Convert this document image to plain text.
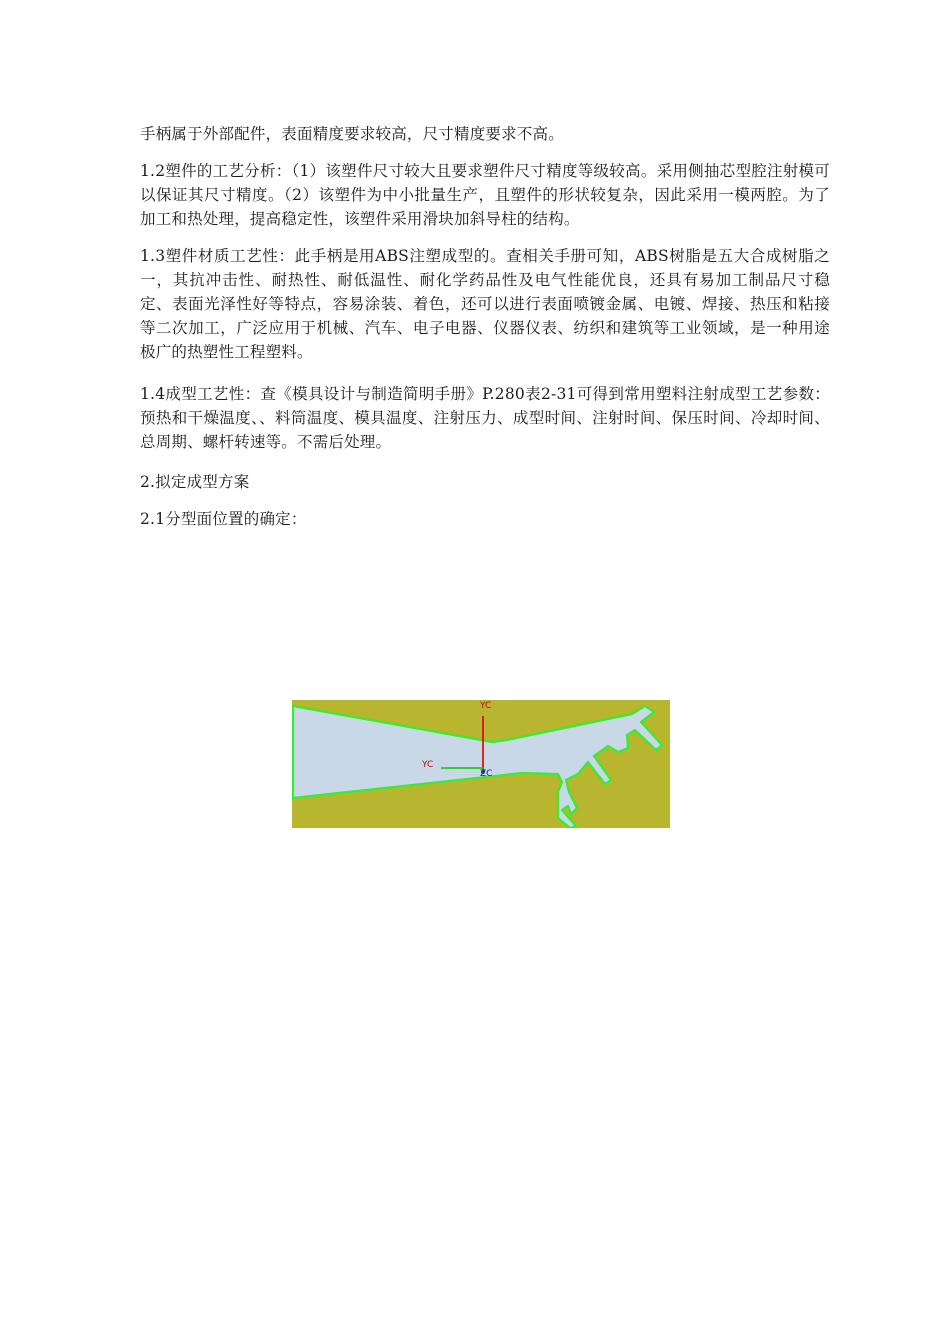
手柄属于外部配件，表面精度要求较高，尺寸精度要求不高。

1.2塑件的工艺分析：（1）该塑件尺寸较大且要求塑件尺寸精度等级较高。采用侧抽芯型腔注射模可以保证其尺寸精度。（2）该塑件为中小批量生产，且塑件的形状较复杂，因此采用一模两腔。为了加工和热处理，提高稳定性，该塑件采用滑块加斜导柱的结构。

1.3塑件材质工艺性：此手柄是用ABS注塑成型的。查相关手册可知，ABS树脂是五大合成树脂之一，其抗冲击性、耐热性、耐低温性、耐化学药品性及电气性能优良，还具有易加工制品尺寸稳定、表面光泽性好等特点，容易涂装、着色，还可以进行表面喷镀金属、电镀、焊接、热压和粘接等二次加工，广泛应用于机械、汽车、电子电器、仪器仪表、纺织和建筑等工业领域，是一种用途极广的热塑性工程塑料。

1.4成型工艺性：查《模具设计与制造简明手册》P.280表2-31可得到常用塑料注射成型工艺参数：预热和干燥温度、、料筒温度、模具温度、注射压力、成型时间、注射时间、保压时间、冷却时间、总周期、螺杆转速等。不需后处理。

2.拟定成型方案

2.1分型面位置的确定：

YC
YC
ZC
